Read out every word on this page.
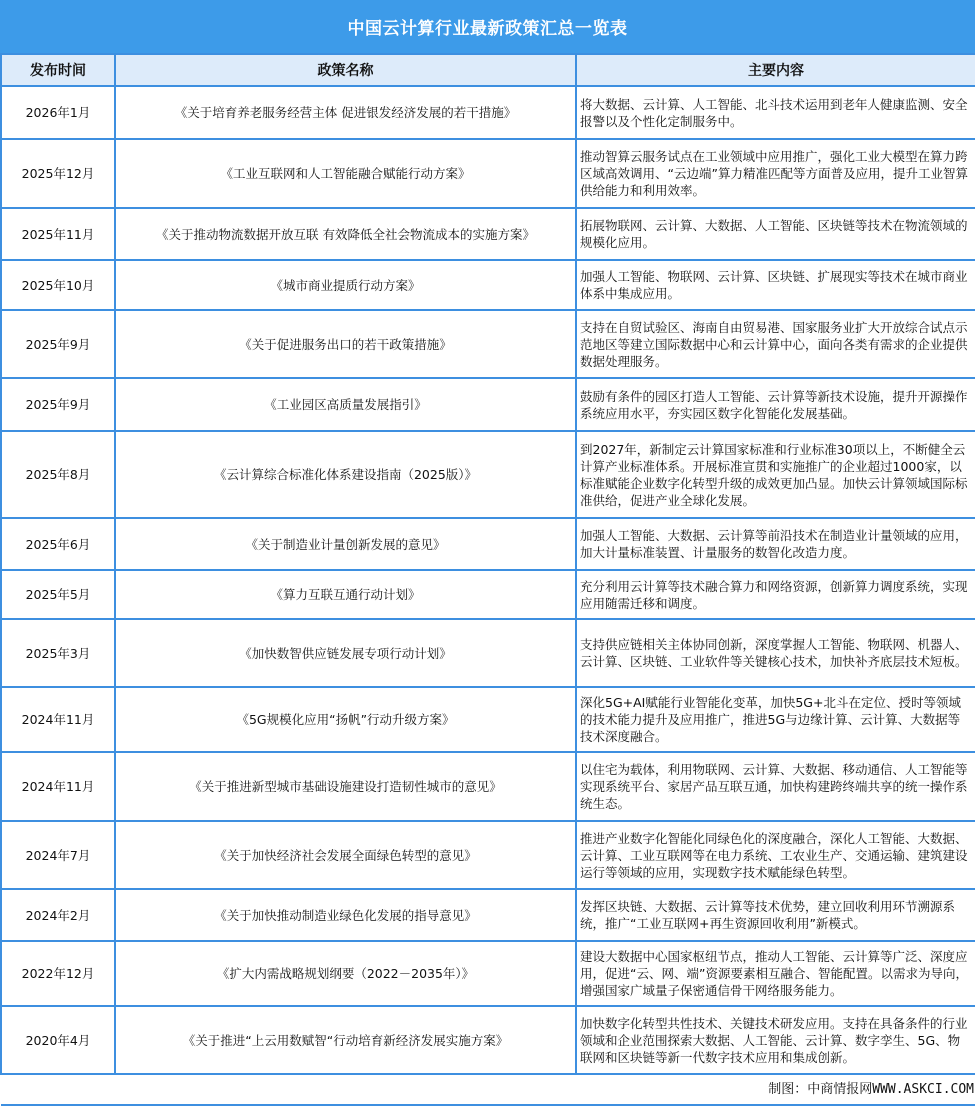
中国云计算行业最新政策汇总一览表
发布时间	政策名称	主要内容
2026年1月	《关于培育养老服务经营主体 促进银发经济发展的若干措施》	将大数据、云计算、人工智能、北斗技术运用到老年人健康监测、安全报警以及个性化定制服务中。
2025年12月	《工业互联网和人工智能融合赋能行动方案》	推动智算云服务试点在工业领域中应用推广，强化工业大模型在算力跨区域高效调用、“云边端”算力精准匹配等方面普及应用，提升工业智算供给能力和利用效率。
2025年11月	《关于推动物流数据开放互联 有效降低全社会物流成本的实施方案》	拓展物联网、云计算、大数据、人工智能、区块链等技术在物流领域的规模化应用。
2025年10月	《城市商业提质行动方案》	加强人工智能、物联网、云计算、区块链、扩展现实等技术在城市商业体系中集成应用。
2025年9月	《关于促进服务出口的若干政策措施》	支持在自贸试验区、海南自由贸易港、国家服务业扩大开放综合试点示范地区等建立国际数据中心和云计算中心，面向各类有需求的企业提供数据处理服务。
2025年9月	《工业园区高质量发展指引》	鼓励有条件的园区打造人工智能、云计算等新技术设施，提升开源操作系统应用水平，夯实园区数字化智能化发展基础。
2025年8月	《云计算综合标准化体系建设指南（2025版）》	到2027年，新制定云计算国家标准和行业标准30项以上，不断健全云计算产业标准体系。开展标准宣贯和实施推广的企业超过1000家，以标准赋能企业数字化转型升级的成效更加凸显。加快云计算领域国际标准供给，促进产业全球化发展。
2025年6月	《关于制造业计量创新发展的意见》	加强人工智能、大数据、云计算等前沿技术在制造业计量领域的应用，加大计量标准装置、计量服务的数智化改造力度。
2025年5月	《算力互联互通行动计划》	充分利用云计算等技术融合算力和网络资源，创新算力调度系统，实现应用随需迁移和调度。
2025年3月	《加快数智供应链发展专项行动计划》	支持供应链相关主体协同创新，深度掌握人工智能、物联网、机器人、云计算、区块链、工业软件等关键核心技术，加快补齐底层技术短板。
2024年11月	《5G规模化应用“扬帆”行动升级方案》	深化5G+AI赋能行业智能化变革，加快5G+北斗在定位、授时等领域的技术能力提升及应用推广，推进5G与边缘计算、云计算、大数据等技术深度融合。
2024年11月	《关于推进新型城市基础设施建设打造韧性城市的意见》	以住宅为载体，利用物联网、云计算、大数据、移动通信、人工智能等实现系统平台、家居产品互联互通，加快构建跨终端共享的统一操作系统生态。
2024年7月	《关于加快经济社会发展全面绿色转型的意见》	推进产业数字化智能化同绿色化的深度融合，深化人工智能、大数据、云计算、工业互联网等在电力系统、工农业生产、交通运输、建筑建设运行等领域的应用，实现数字技术赋能绿色转型。
2024年2月	《关于加快推动制造业绿色化发展的指导意见》	发挥区块链、大数据、云计算等技术优势，建立回收利用环节溯源系统，推广“工业互联网+再生资源回收利用”新模式。
2022年12月	《扩大内需战略规划纲要（2022－2035年）》	建设大数据中心国家枢纽节点，推动人工智能、云计算等广泛、深度应用，促进“云、网、端”资源要素相互融合、智能配置。以需求为导向，增强国家广域量子保密通信骨干网络服务能力。
2020年4月	《关于推进“上云用数赋智“行动培育新经济发展实施方案》	加快数字化转型共性技术、关键技术研发应用。支持在具备条件的行业领域和企业范围探索大数据、人工智能、云计算、数字孪生、5G、物联网和区块链等新一代数字技术应用和集成创新。
制图：中商情报网WWW.ASKCI.COM		
